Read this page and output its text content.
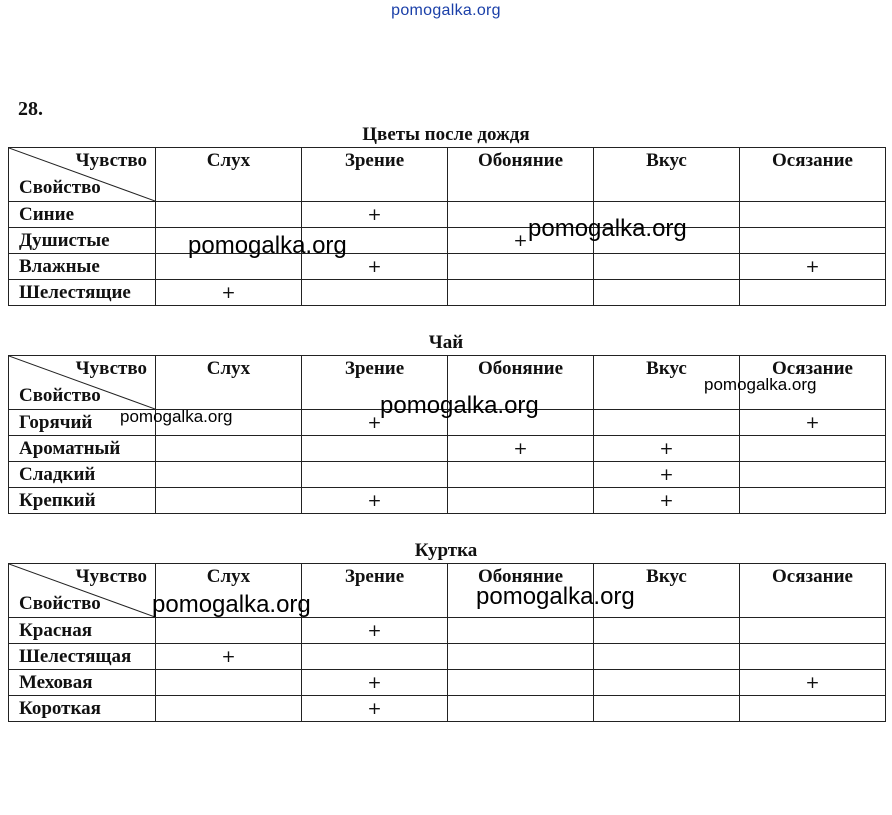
pomogalka.org
28.
Цветы после дождя
Чувство
Свойство	Слух	Зрение	Обоняние	Вкус	Осязание
Синие		+			
Душистые			+		
Влажные		+			+
Шелестящие	+				
Чай
Чувство
Свойство	Слух	Зрение	Обоняние	Вкус	Осязание
Горячий		+			+
Ароматный			+	+	
Сладкий				+	
Крепкий		+		+	
Куртка
Чувство
Свойство	Слух	Зрение	Обоняние	Вкус	Осязание
Красная		+			
Шелестящая	+				
Меховая		+			+
Короткая		+			
pomogalka.org
pomogalka.org
pomogalka.org
pomogalka.org
pomogalka.org
pomogalka.org
pomogalka.org
